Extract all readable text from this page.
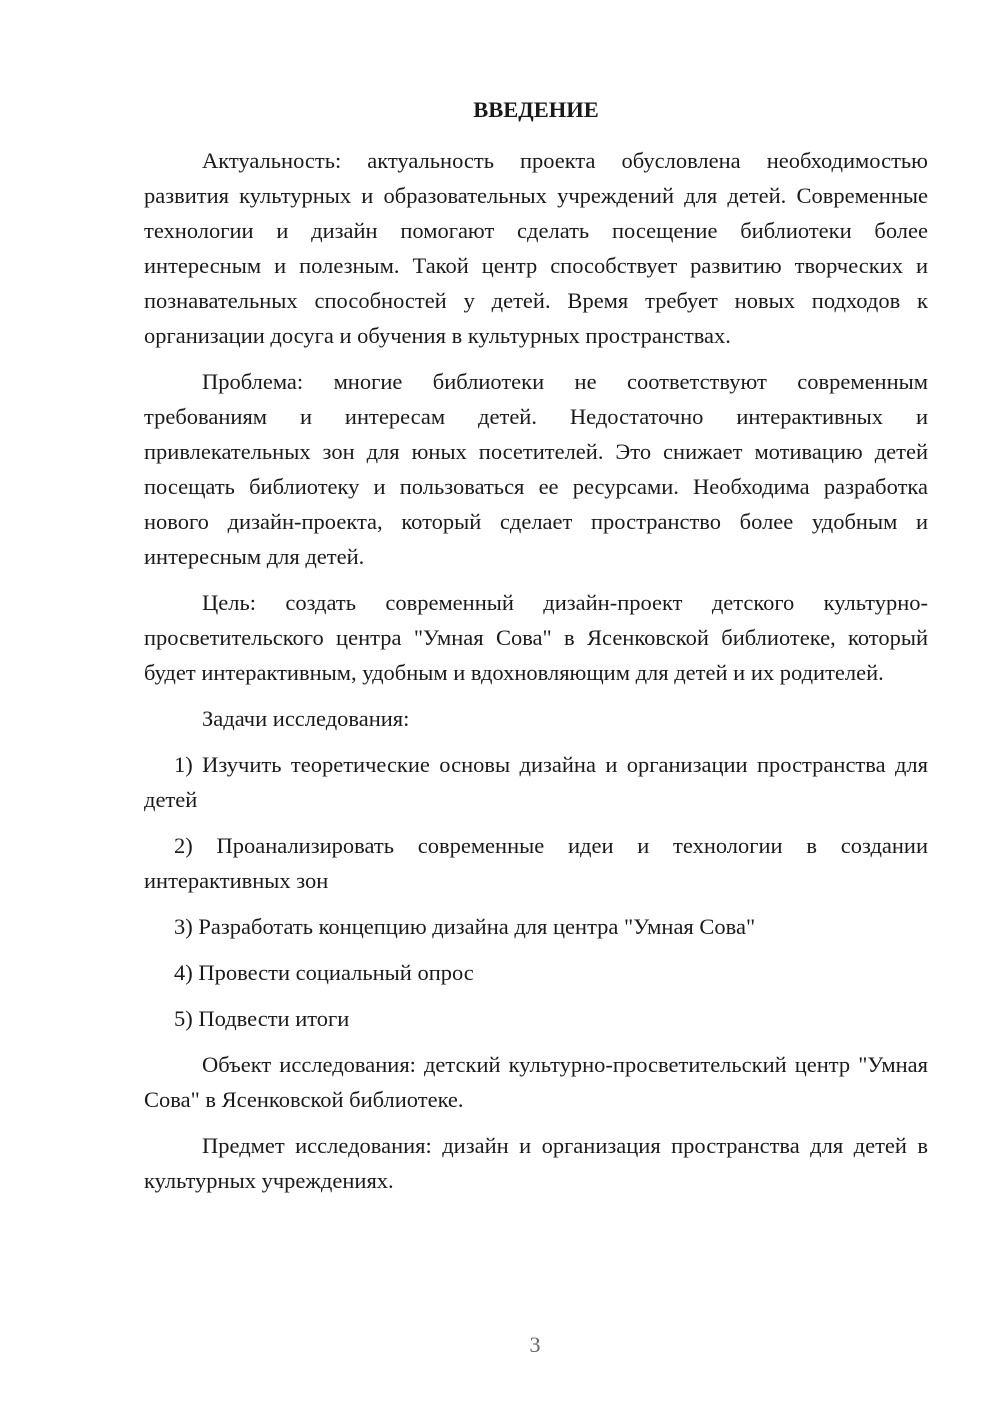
ВВЕДЕНИЕ

Актуальность: актуальность проекта обусловлена необходимостью развития культурных и образовательных учреждений для детей. Современные технологии и дизайн помогают сделать посещение библиотеки более интересным и полезным. Такой центр способствует развитию творческих и познавательных способностей у детей. Время требует новых подходов к организации досуга и обучения в культурных пространствах.

Проблема: многие библиотеки не соответствуют современным требованиям и интересам детей. Недостаточно интерактивных и привлекательных зон для юных посетителей. Это снижает мотивацию детей посещать библиотеку и пользоваться ее ресурсами. Необходима разработка нового дизайн-проекта, который сделает пространство более удобным и интересным для детей.

Цель: создать современный дизайн-проект детского культурно-просветительского центра "Умная Сова" в Ясенковской библиотеке, который будет интерактивным, удобным и вдохновляющим для детей и их родителей.

Задачи исследования:

1) Изучить теоретические основы дизайна и организации пространства для детей

2) Проанализировать современные идеи и технологии в создании интерактивных зон

3) Разработать концепцию дизайна для центра "Умная Сова"

4) Провести социальный опрос

5) Подвести итоги

Объект исследования: детский культурно-просветительский центр "Умная Сова" в Ясенковской библиотеке.

Предмет исследования: дизайн и организация пространства для детей в культурных учреждениях.

3
